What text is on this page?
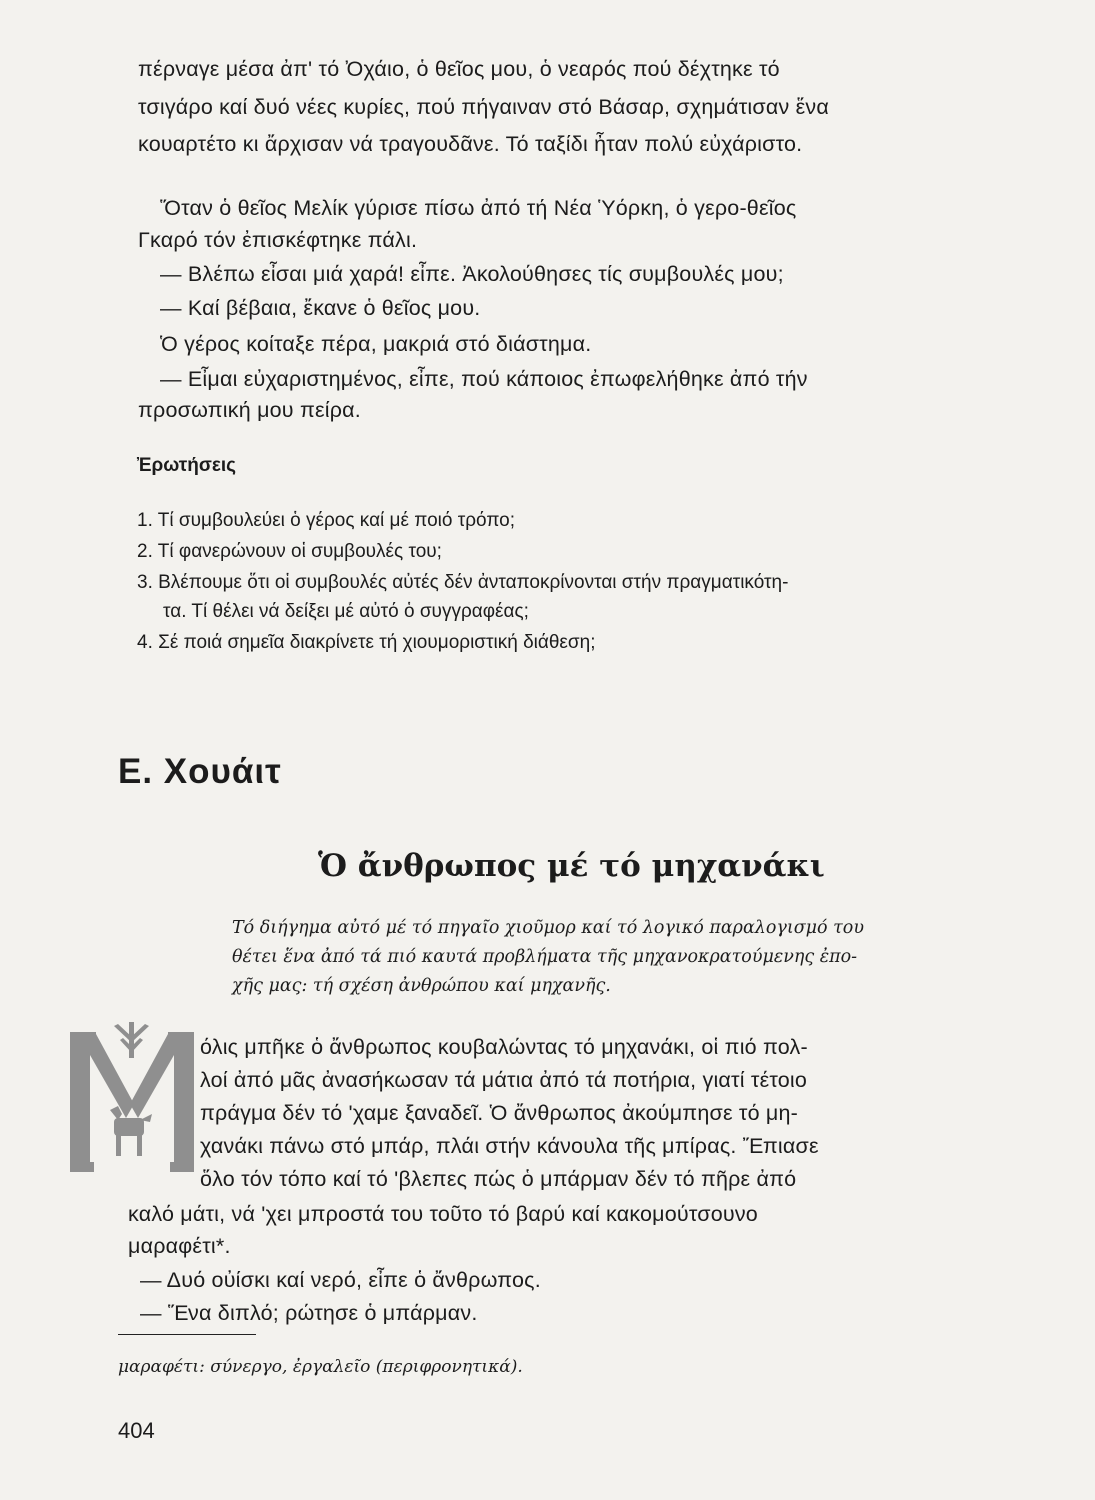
πέρναγε μέσα ἀπ' τό Ὀχάιο, ὁ θεῖος μου, ὁ νεαρός πού δέχτηκε τό
τσιγάρο καί δυό νέες κυρίες, πού πήγαιναν στό Βάσαρ, σχημάτισαν ἕνα
κουαρτέτο κι ἄρχισαν νά τραγουδᾶνε. Τό ταξίδι ἦταν πολύ εὐχάριστο.
Ὅταν ὁ θεῖος Μελίκ γύρισε πίσω ἀπό τή Νέα Ὑόρκη, ὁ γερο-θεῖος
Γκαρό τόν ἐπισκέφτηκε πάλι.
— Βλέπω εἶσαι μιά χαρά! εἶπε. Ἀκολούθησες τίς συμβουλές μου;
— Καί βέβαια, ἔκανε ὁ θεῖος μου.
Ὁ γέρος κοίταξε πέρα, μακριά στό διάστημα.
— Εἶμαι εὐχαριστημένος, εἶπε, πού κάποιος ἐπωφελήθηκε ἀπό τήν
προσωπική μου πείρα.
Ἐρωτήσεις
1. Τί συμβουλεύει ὁ γέρος καί μέ ποιό τρόπο;
2. Τί φανερώνουν οἱ συμβουλές του;
3. Βλέπουμε ὅτι οἱ συμβουλές αὐτές δέν ἀνταποκρίνονται στήν πραγματικότη-
τα. Τί θέλει νά δείξει μέ αὐτό ὁ συγγραφέας;
4. Σέ ποιά σημεῖα διακρίνετε τή χιουμοριστική διάθεση;
Ε. Χουάιτ
Ὁ ἄνθρωπος μέ τό μηχανάκι
Τό διήγημα αὐτό μέ τό πηγαῖο χιοῦμορ καί τό λογικό παραλογισμό του
θέτει ἕνα ἀπό τά πιό καυτά προβλήματα τῆς μηχανοκρατούμενης ἐπο-
χῆς μας: τή σχέση ἀνθρώπου καί μηχανῆς.
όλις μπῆκε ὁ ἄνθρωπος κουβαλώντας τό μηχανάκι, οἱ πιό πολ-
λοί ἀπό μᾶς ἀνασήκωσαν τά μάτια ἀπό τά ποτήρια, γιατί τέτοιο
πράγμα δέν τό 'χαμε ξαναδεῖ. Ὁ ἄνθρωπος ἀκούμπησε τό μη-
χανάκι πάνω στό μπάρ, πλάι στήν κάνουλα τῆς μπίρας. Ἔπιασε
ὅλο τόν τόπο καί τό 'βλεπες πώς ὁ μπάρμαν δέν τό πῆρε ἀπό
καλό μάτι, νά 'χει μπροστά του τοῦτο τό βαρύ καί κακομούτσουνο
μαραφέτι*.
— Δυό οὐίσκι καί νερό, εἶπε ὁ ἄνθρωπος.
— Ἕνα διπλό; ρώτησε ὁ μπάρμαν.
μαραφέτι: σύνεργο, ἐργαλεῖο (περιφρονητικά).
404
